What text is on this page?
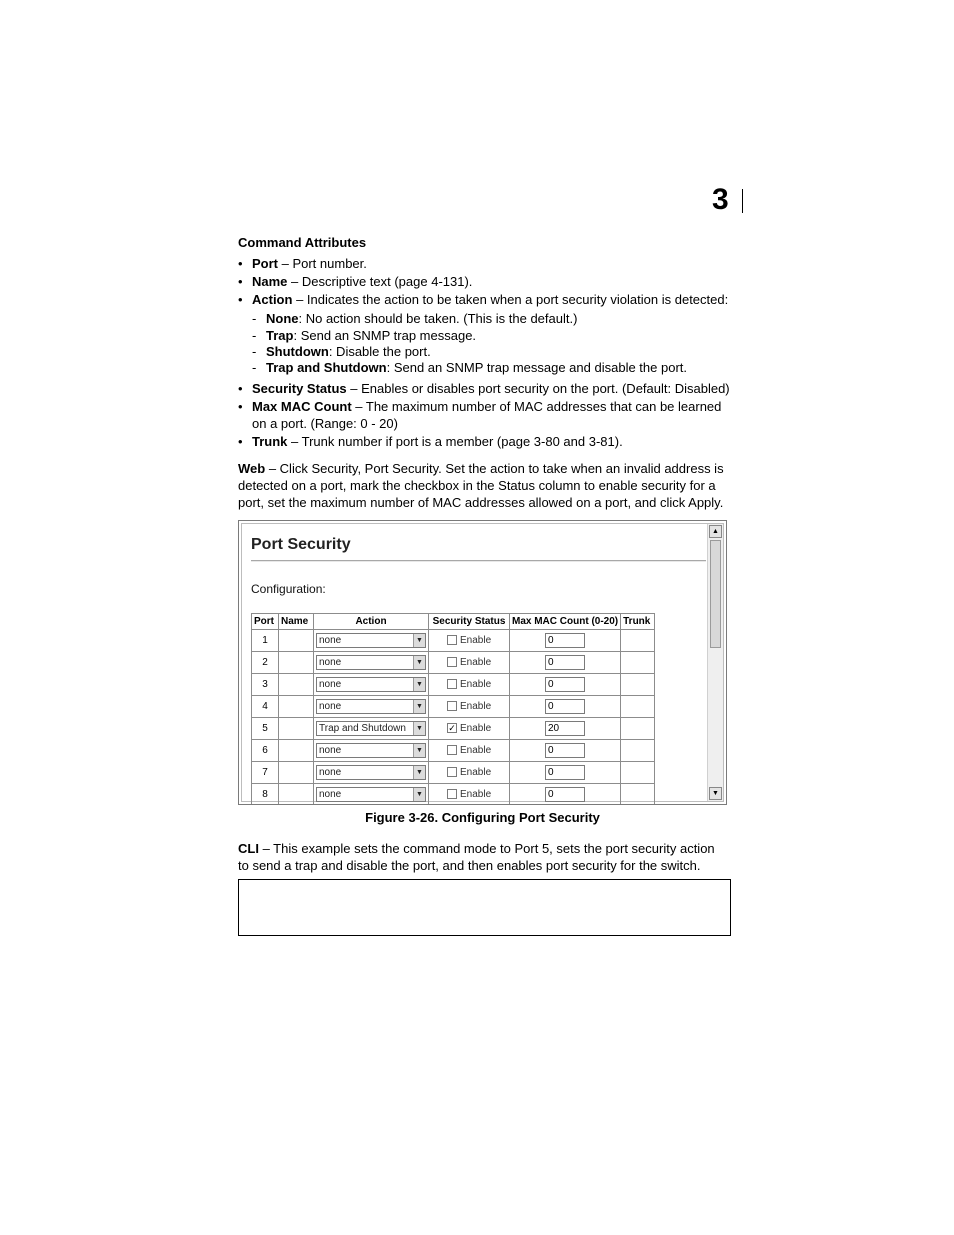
3
Command Attributes
• Port – Port number.
• Name – Descriptive text (page 4-131).
• Action – Indicates the action to be taken when a port security violation is detected:
- None: No action should be taken. (This is the default.)
- Trap: Send an SNMP trap message.
- Shutdown: Disable the port.
- Trap and Shutdown: Send an SNMP trap message and disable the port.
• Security Status – Enables or disables port security on the port. (Default: Disabled)
• Max MAC Count – The maximum number of MAC addresses that can be learned on a port. (Range: 0 - 20)
• Trunk – Trunk number if port is a member (page 3-80 and 3-81).
Web – Click Security, Port Security. Set the action to take when an invalid address is
detected on a port, mark the checkbox in the Status column to enable security for a
port, set the maximum number of MAC addresses allowed on a port, and click Apply.
Port Security
Configuration:
Port	Name	Action	Security Status	Max MAC Count (0-20)	Trunk
1		none ▼	Enable	0	

2		none ▼	Enable	0	

3		none ▼	Enable	0	

4		none ▼	Enable	0	

5		Trap and Shutdown ▼	✓ Enable	20	

6		none ▼	Enable	0	

7		none ▼	Enable	0	

8		none ▼	Enable	0	

▲
▼
Figure 3-26. Configuring Port Security
CLI – This example sets the command mode to Port 5, sets the port security action
to send a trap and disable the port, and then enables port security for the switch.
